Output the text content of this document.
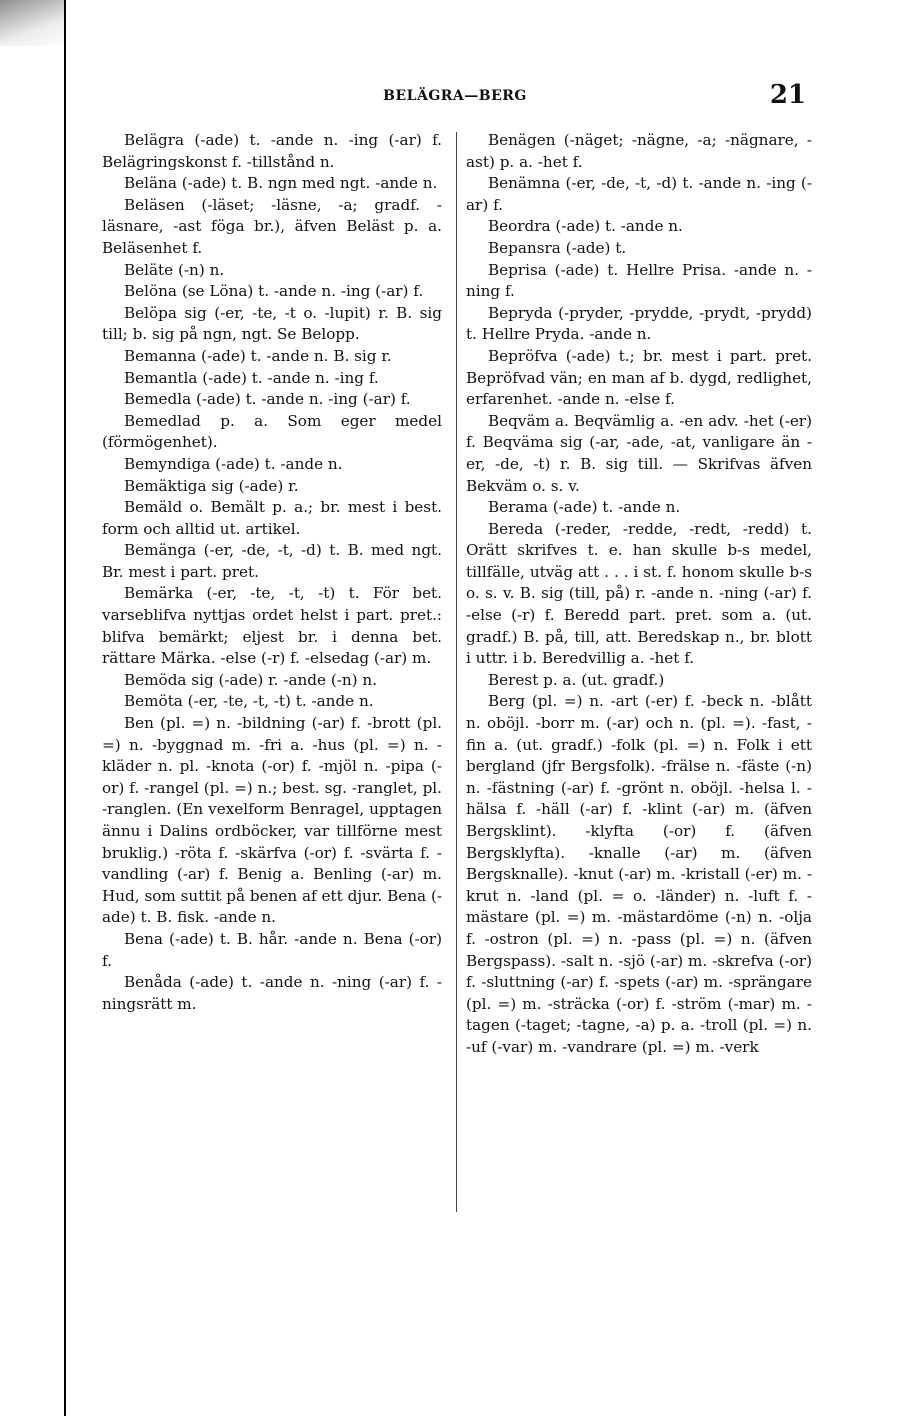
BELÄGRA—BERG	21

Belägra (-ade) t. -ande n. -ing (-ar) f. Belägringskonst f. -tillstånd n.

Beläna (-ade) t. B. ngn med ngt. -ande n.

Beläsen (-läset; -läsne, -a; gradf. -läsnare, -ast föga br.), äfven Beläst p. a. Beläsenhet f.

Beläte (-n) n.

Belöna (se Löna) t. -ande n. -ing (-ar) f.

Belöpa sig (-er, -te, -t o. -lupit) r. B. sig till; b. sig på ngn, ngt. Se Belopp.

Bemanna (-ade) t. -ande n. B. sig r.

Bemantla (-ade) t. -ande n. -ing f.

Bemedla (-ade) t. -ande n. -ing (-ar) f.

Bemedlad p. a. Som eger medel (förmögenhet).

Bemyndiga (-ade) t. -ande n.

Bemäktiga sig (-ade) r.

Bemäld o. Bemält p. a.; br. mest i best. form och alltid ut. artikel.

Bemänga (-er, -de, -t, -d) t. B. med ngt. Br. mest i part. pret.

Bemärka (-er, -te, -t, -t) t. För bet. varseblifva nyttjas ordet helst i part. pret.: blifva bemärkt; eljest br. i denna bet. rättare Märka. -else (-r) f. -elsedag (-ar) m.

Bemöda sig (-ade) r. -ande (-n) n.

Bemöta (-er, -te, -t, -t) t. -ande n.

Ben (pl. =) n. -bildning (-ar) f. -brott (pl. =) n. -byggnad m. -fri a. -hus (pl. =) n. -kläder n. pl. -knota (-or) f. -mjöl n. -pipa (-or) f. -rangel (pl. =) n.; best. sg. -ranglet, pl. -ranglen. (En vexelform Benragel, upptagen ännu i Dalins ordböcker, var tillförne mest bruklig.) -röta f. -skärfva (-or) f. -svärta f. -vandling (-ar) f. Benig a. Benling (-ar) m. Hud, som suttit på benen af ett djur. Bena (-ade) t. B. fisk. -ande n.

Bena (-ade) t. B. hår. -ande n. Bena (-or) f.

Benåda (-ade) t. -ande n. -ning (-ar) f. -ningsrätt m.

Benägen (-näget; -nägne, -a; -nägnare, -ast) p. a. -het f.

Benämna (-er, -de, -t, -d) t. -ande n. -ing (-ar) f.

Beordra (-ade) t. -ande n.

Bepansra (-ade) t.

Beprisa (-ade) t. Hellre Prisa. -ande n. -ning f.

Bepryda (-pryder, -prydde, -prydt, -prydd) t. Hellre Pryda. -ande n.

Bepröfva (-ade) t.; br. mest i part. pret. Bepröfvad vän; en man af b. dygd, redlighet, erfarenhet. -ande n. -else f.

Beqväm a. Beqvämlig a. -en adv. -het (-er) f. Beqväma sig (-ar, -ade, -at, vanligare än -er, -de, -t) r. B. sig till. — Skrifvas äfven Bekväm o. s. v.

Berama (-ade) t. -ande n.

Bereda (-reder, -redde, -redt, -redd) t. Orätt skrifves t. e. han skulle b-s medel, tillfälle, utväg att . . . i st. f. honom skulle b-s o. s. v. B. sig (till, på) r. -ande n. -ning (-ar) f. -else (-r) f. Beredd part. pret. som a. (ut. gradf.) B. på, till, att. Beredskap n., br. blott i uttr. i b. Beredvillig a. -het f.

Berest p. a. (ut. gradf.)

Berg (pl. =) n. -art (-er) f. -beck n. -blått n. oböjl. -borr m. (-ar) och n. (pl. =). -fast, -fin a. (ut. gradf.) -folk (pl. =) n. Folk i ett bergland (jfr Bergsfolk). -frälse n. -fäste (-n) n. -fästning (-ar) f. -grönt n. oböjl. -helsa l. -hälsa f. -häll (-ar) f. -klint (-ar) m. (äfven Bergsklint). -klyfta (-or) f. (äfven Bergsklyfta). -knalle (-ar) m. (äfven Bergsknalle). -knut (-ar) m. -kristall (-er) m. -krut n. -land (pl. = o. -länder) n. -luft f. -mästare (pl. =) m. -mästardöme (-n) n. -olja f. -ostron (pl. =) n. -pass (pl. =) n. (äfven Bergspass). -salt n. -sjö (-ar) m. -skrefva (-or) f. -sluttning (-ar) f. -spets (-ar) m. -sprängare (pl. =) m. -sträcka (-or) f. -ström (-mar) m. -tagen (-taget; -tagne, -a) p. a. -troll (pl. =) n. -uf (-var) m. -vandrare (pl. =) m. -verk
